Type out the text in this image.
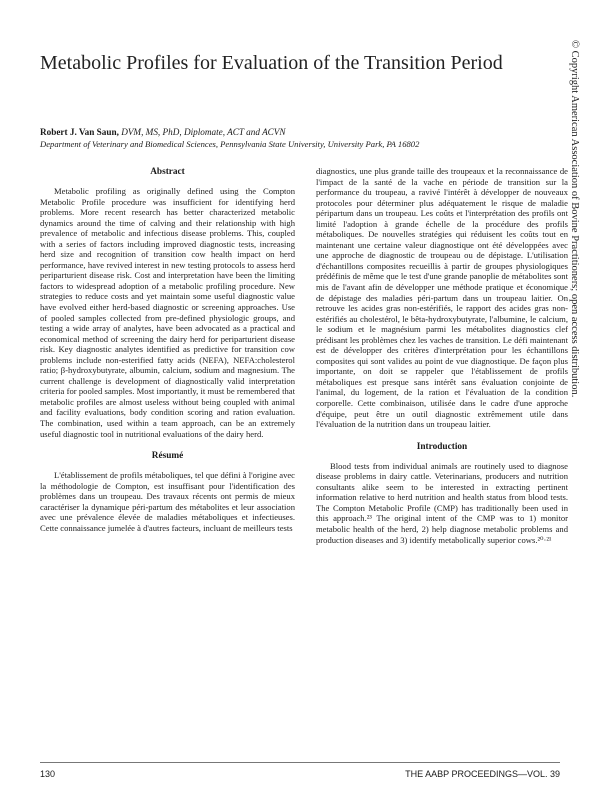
Metabolic Profiles for Evaluation of the Transition Period

Robert J. Van Saun, DVM, MS, PhD, Diplomate, ACT and ACVN

Department of Veterinary and Biomedical Sciences, Pennsylvania State University, University Park, PA 16802

Abstract

Metabolic profiling as originally defined using the Compton Metabolic Profile procedure was insufficient for identifying herd problems. More recent research has better characterized metabolic dynamics around the time of calving and their relationship with high prevalence of metabolic and infectious disease problems. This, coupled with a series of factors including improved diagnostic tests, increasing herd size and recognition of transition cow health impact on herd performance, have revived interest in new testing protocols to assess herd periparturient disease risk. Cost and interpretation have been the limiting factors to widespread adoption of a metabolic profiling procedure. New strategies to reduce costs and yet maintain some useful diagnostic value have evolved either herd-based diagnostic or screening approaches. Use of pooled samples collected from pre-defined physiologic groups, and testing a wide array of analytes, have been advocated as a practical and economical method of screening the dairy herd for periparturient disease risk. Key diagnostic analytes identified as predictive for transition cow problems include non-esterified fatty acids (NEFA), NEFA:cholesterol ratio; β-hydroxybutyrate, albumin, calcium, sodium and magnesium. The current challenge is development of diagnostically valid interpretation criteria for pooled samples. Most importantly, it must be remembered that metabolic profiles are almost useless without being coupled with animal and facility evaluations, body condition scoring and ration evaluation. The combination, used within a team approach, can be an extremely useful diagnostic tool in nutritional evaluations of the dairy herd.

Résumé

L'établissement de profils métaboliques, tel que défini à l'origine avec la méthodologie de Compton, est insuffisant pour l'identification des problèmes dans un troupeau. Des travaux récents ont permis de mieux caractériser la dynamique péri-partum des métabolites et leur association avec une prévalence élevée de maladies métaboliques et infectieuses. Cette connaissance jumelée à d'autres facteurs, incluant de meilleurs tests

diagnostics, une plus grande taille des troupeaux et la reconnaissance de l'impact de la santé de la vache en période de transition sur la performance du troupeau, a ravivé l'intérêt à développer de nouveaux protocoles pour déterminer plus adéquatement le risque de maladie péripartum dans un troupeau. Les coûts et l'interprétation des profils ont limité l'adoption à grande échelle de la procédure des profils métaboliques. De nouvelles stratégies qui réduisent les coûts tout en maintenant une certaine valeur diagnostique ont été développées avec une approche de diagnostic de troupeau ou de dépistage. L'utilisation d'échantillons composites recueillis à partir de groupes physiologiques prédéfinis de même que le test d'une grande panoplie de métabolites sont mis de l'avant afin de développer une méthode pratique et économique de dépistage des maladies péri-partum dans un troupeau laitier. On retrouve les acides gras non-estérifiés, le rapport des acides gras non-estérifiés au cholestérol, le bêta-hydroxybutyrate, l'albumine, le calcium, le sodium et le magnésium parmi les métabolites diagnostics clef prédisant les problèmes chez les vaches de transition. Le défi maintenant est de développer des critères d'interprétation pour les échantillons composites qui sont valides au point de vue diagnostique. De façon plus importante, on doit se rappeler que l'établissement de profils métaboliques est presque sans intérêt sans évaluation conjointe de l'animal, du logement, de la ration et l'évaluation de la condition corporelle. Cette combinaison, utilisée dans le cadre d'une approche d'équipe, peut être un outil diagnostic extrêmement utile dans l'évaluation de la nutrition dans un troupeau laitier.

Introduction

Blood tests from individual animals are routinely used to diagnose disease problems in dairy cattle. Veterinarians, producers and nutrition consultants alike seem to be interested in extracting pertinent information relative to herd nutrition and health status from blood tests. The Compton Metabolic Profile (CMP) has traditionally been used in this approach.²³ The original intent of the CMP was to 1) monitor metabolic health of the herd, 2) help diagnose metabolic problems and production diseases and 3) identify metabolically superior cows.²⁰·²¹

© Copyright American Association of Bovine Practitioners; open access distribution.
130	THE AABP PROCEEDINGS—VOL. 39
